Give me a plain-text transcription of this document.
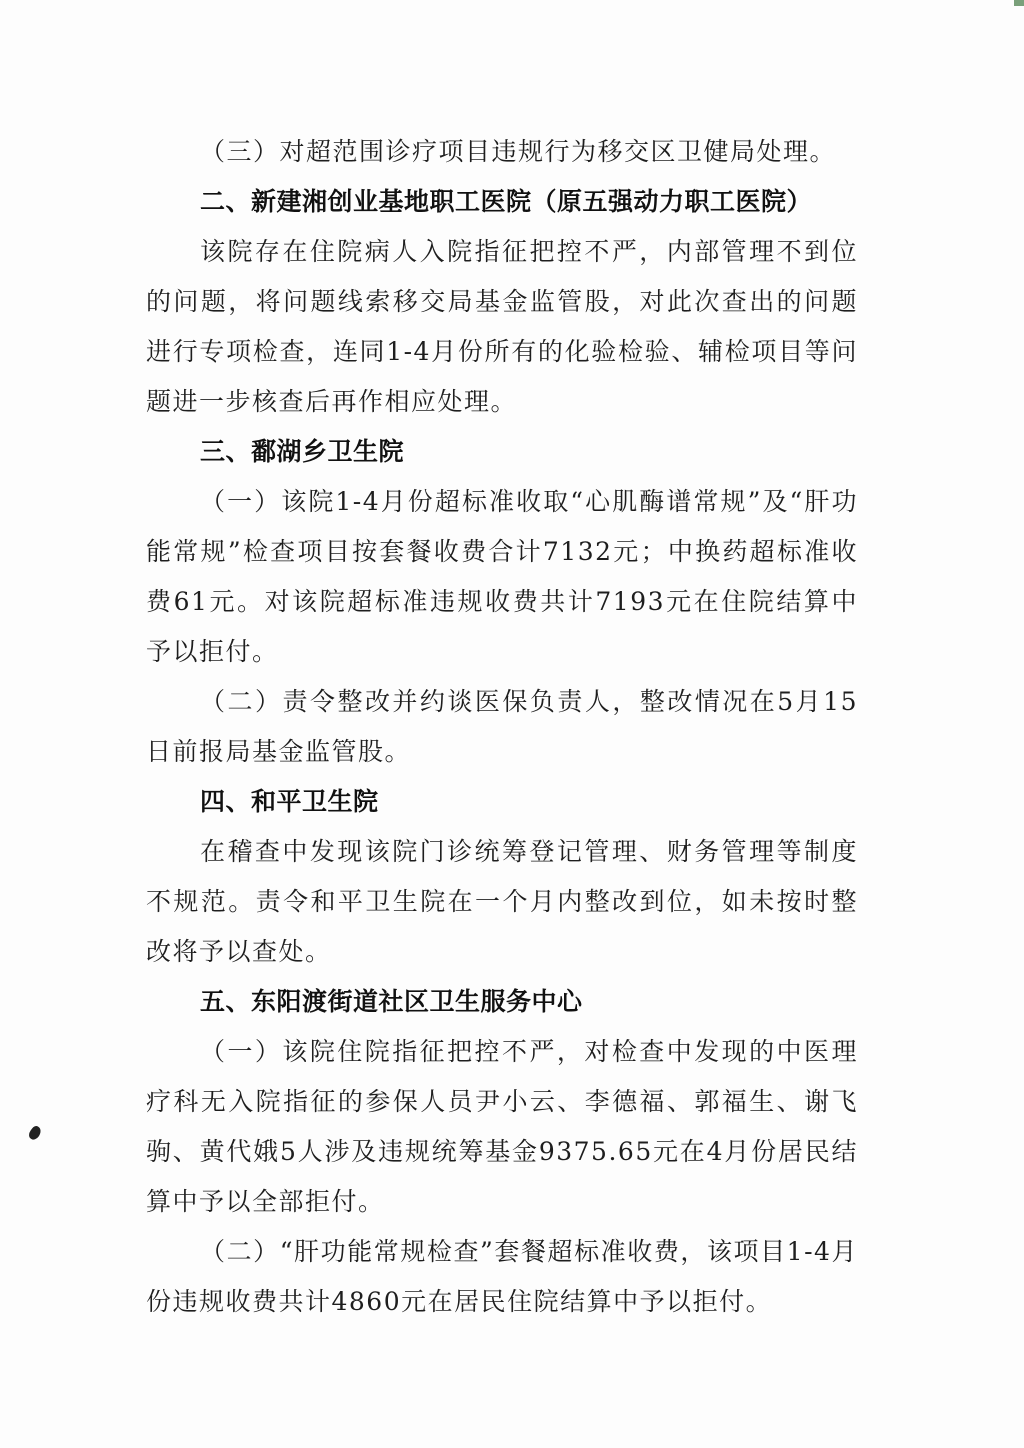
（三）对超范围诊疗项目违规行为移交区卫健局处理。

二、新建湘创业基地职工医院（原五强动力职工医院）

该院存在住院病人入院指征把控不严，内部管理不到位的问题，将问题线索移交局基金监管股，对此次查出的问题进行专项检查，连同1-4月份所有的化验检验、辅检项目等问题进一步核查后再作相应处理。

三、鄱湖乡卫生院

（一）该院1-4月份超标准收取“心肌酶谱常规”及“肝功能常规”检查项目按套餐收费合计7132元；中换药超标准收费61元。对该院超标准违规收费共计7193元在住院结算中予以拒付。

（二）责令整改并约谈医保负责人，整改情况在5月15日前报局基金监管股。

四、和平卫生院

在稽查中发现该院门诊统筹登记管理、财务管理等制度不规范。责令和平卫生院在一个月内整改到位，如未按时整改将予以查处。

五、东阳渡街道社区卫生服务中心

（一）该院住院指征把控不严，对检查中发现的中医理疗科无入院指征的参保人员尹小云、李德福、郭福生、谢飞驹、黄代娥5人涉及违规统筹基金9375.65元在4月份居民结算中予以全部拒付。

（二）“肝功能常规检查”套餐超标准收费，该项目1-4月份违规收费共计4860元在居民住院结算中予以拒付。
